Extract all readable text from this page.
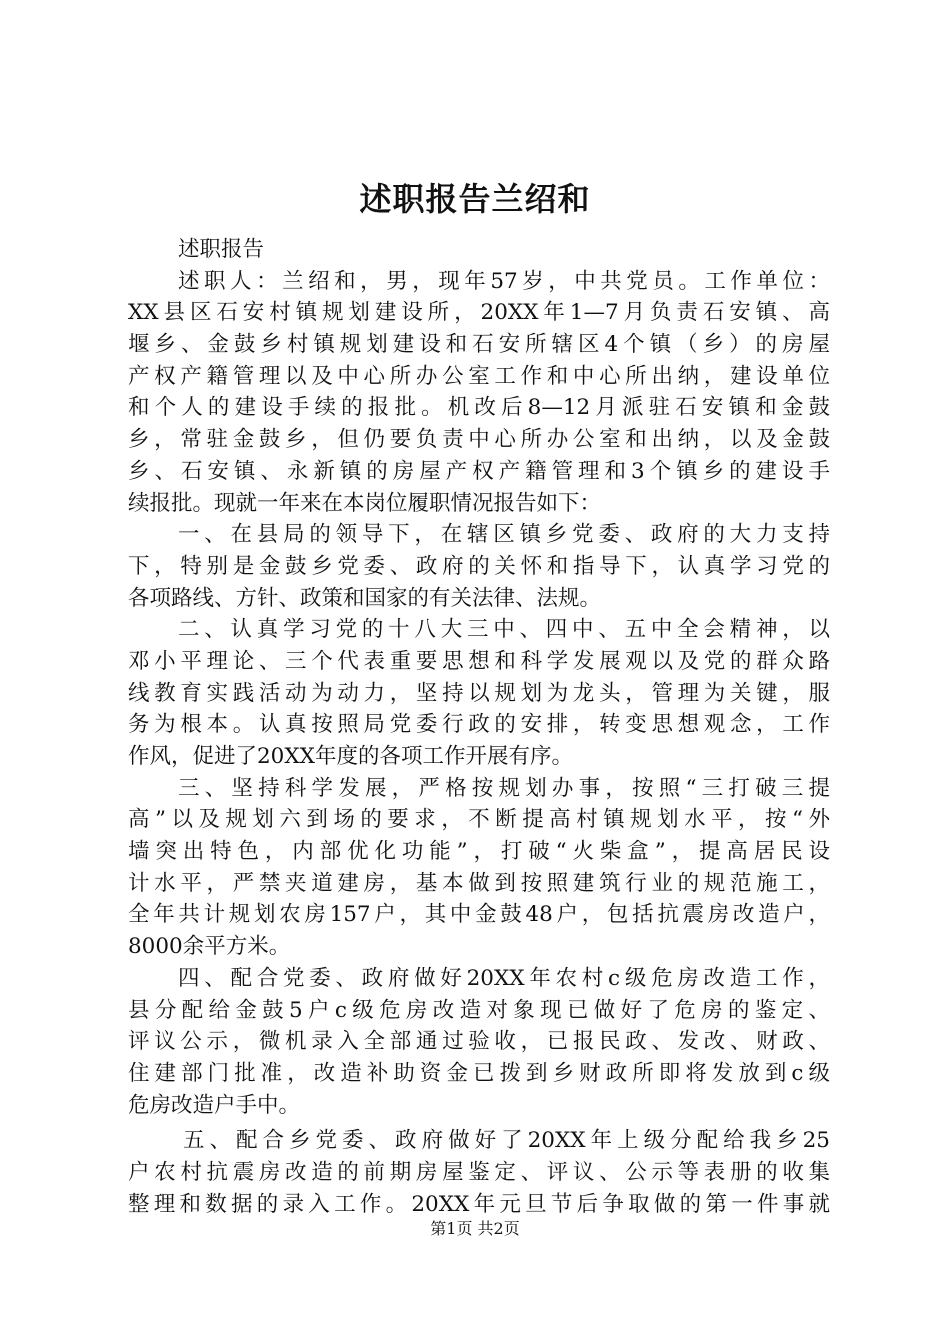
述职报告兰绍和
述职报告
述职人：兰绍和，男，现年57岁，中共党员。工作单位：
XX县区石安村镇规划建设所，20XX年1—7月负责石安镇、高
堰乡、金鼓乡村镇规划建设和石安所辖区4个镇（乡）的房屋
产权产籍管理以及中心所办公室工作和中心所出纳，建设单位
和个人的建设手续的报批。机改后8—12月派驻石安镇和金鼓
乡，常驻金鼓乡，但仍要负责中心所办公室和出纳，以及金鼓
乡、石安镇、永新镇的房屋产权产籍管理和3个镇乡的建设手
续报批。现就一年来在本岗位履职情况报告如下：
一、在县局的领导下，在辖区镇乡党委、政府的大力支持
下，特别是金鼓乡党委、政府的关怀和指导下，认真学习党的
各项路线、方针、政策和国家的有关法律、法规。
二、认真学习党的十八大三中、四中、五中全会精神，以
邓小平理论、三个代表重要思想和科学发展观以及党的群众路
线教育实践活动为动力，坚持以规划为龙头，管理为关键，服
务为根本。认真按照局党委行政的安排，转变思想观念，工作
作风，促进了20XX年度的各项工作开展有序。
三、坚持科学发展，严格按规划办事，按照“三打破三提
高”以及规划六到场的要求，不断提高村镇规划水平，按“外
墙突出特色，内部优化功能”，打破“火柴盒”，提高居民设
计水平，严禁夹道建房，基本做到按照建筑行业的规范施工，
全年共计规划农房157户，其中金鼓48户，包括抗震房改造户，
8000余平方米。
四、配合党委、政府做好20XX年农村c级危房改造工作，
县分配给金鼓5户c级危房改造对象现已做好了危房的鉴定、
评议公示，微机录入全部通过验收，已报民政、发改、财政、
住建部门批准，改造补助资金已拨到乡财政所即将发放到c级
危房改造户手中。
五、配合乡党委、政府做好了20XX年上级分配给我乡25
户农村抗震房改造的前期房屋鉴定、评议、公示等表册的收集
整理和数据的录入工作。20XX年元旦节后争取做的第一件事就
第1页 共2页
